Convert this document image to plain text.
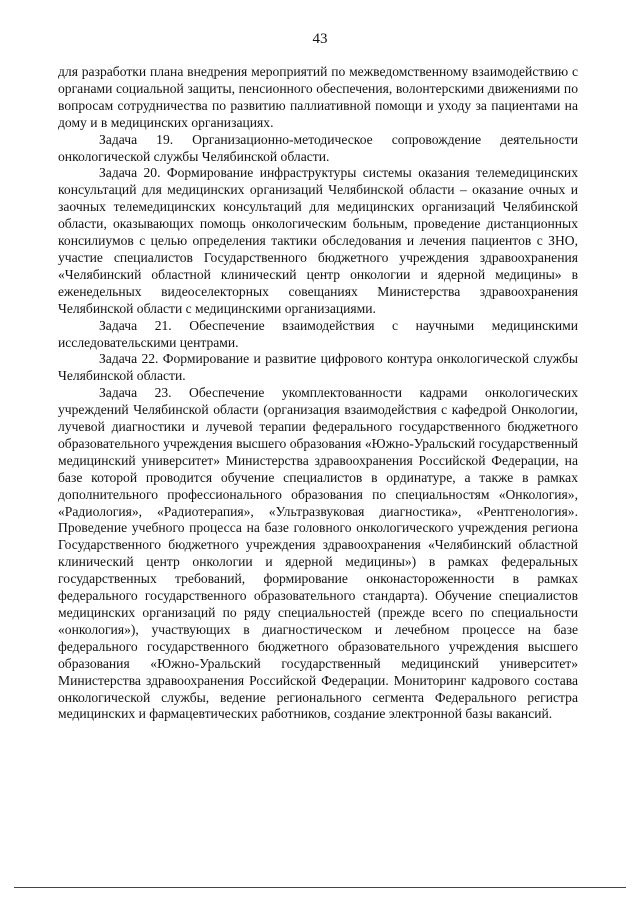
43

для разработки плана внедрения мероприятий по межведомственному взаимодействию с органами социальной защиты, пенсионного обеспечения, волонтерскими движениями по вопросам сотрудничества по развитию паллиативной помощи и уходу за пациентами на дому и в медицинских организациях.

Задача 19. Организационно-методическое сопровождение деятельности онкологической службы Челябинской области.

Задача 20. Формирование инфраструктуры системы оказания телемедицинских консультаций для медицинских организаций Челябинской области – оказание очных и заочных телемедицинских консультаций для медицинских организаций Челябинской области, оказывающих помощь онкологическим больным, проведение дистанционных консилиумов с целью определения тактики обследования и лечения пациентов с ЗНО, участие специалистов Государственного бюджетного учреждения здравоохранения «Челябинский областной клинический центр онкологии и ядерной медицины» в еженедельных видеоселекторных совещаниях Министерства здравоохранения Челябинской области с медицинскими организациями.

Задача 21. Обеспечение взаимодействия с научными медицинскими исследовательскими центрами.

Задача 22. Формирование и развитие цифрового контура онкологической службы Челябинской области.

Задача 23. Обеспечение укомплектованности кадрами онкологических учреждений Челябинской области (организация взаимодействия с кафедрой Онкологии, лучевой диагностики и лучевой терапии федерального государственного бюджетного образовательного учреждения высшего образования «Южно-Уральский государственный медицинский университет» Министерства здравоохранения Российской Федерации, на базе которой проводится обучение специалистов в ординатуре, а также в рамках дополнительного профессионального образования по специальностям «Онкология», «Радиология», «Радиотерапия», «Ультразвуковая диагностика», «Рентгенология». Проведение учебного процесса на базе головного онкологического учреждения региона Государственного бюджетного учреждения здравоохранения «Челябинский областной клинический центр онкологии и ядерной медицины») в рамках федеральных государственных требований, формирование онконастороженности в рамках федерального государственного образовательного стандарта). Обучение специалистов медицинских организаций по ряду специальностей (прежде всего по специальности «онкология»), участвующих в диагностическом и лечебном процессе на базе федерального государственного бюджетного образовательного учреждения высшего образования «Южно-Уральский государственный медицинский университет» Министерства здравоохранения Российской Федерации. Мониторинг кадрового состава онкологической службы, ведение регионального сегмента Федерального регистра медицинских и фармацевтических работников, создание электронной базы вакансий.
